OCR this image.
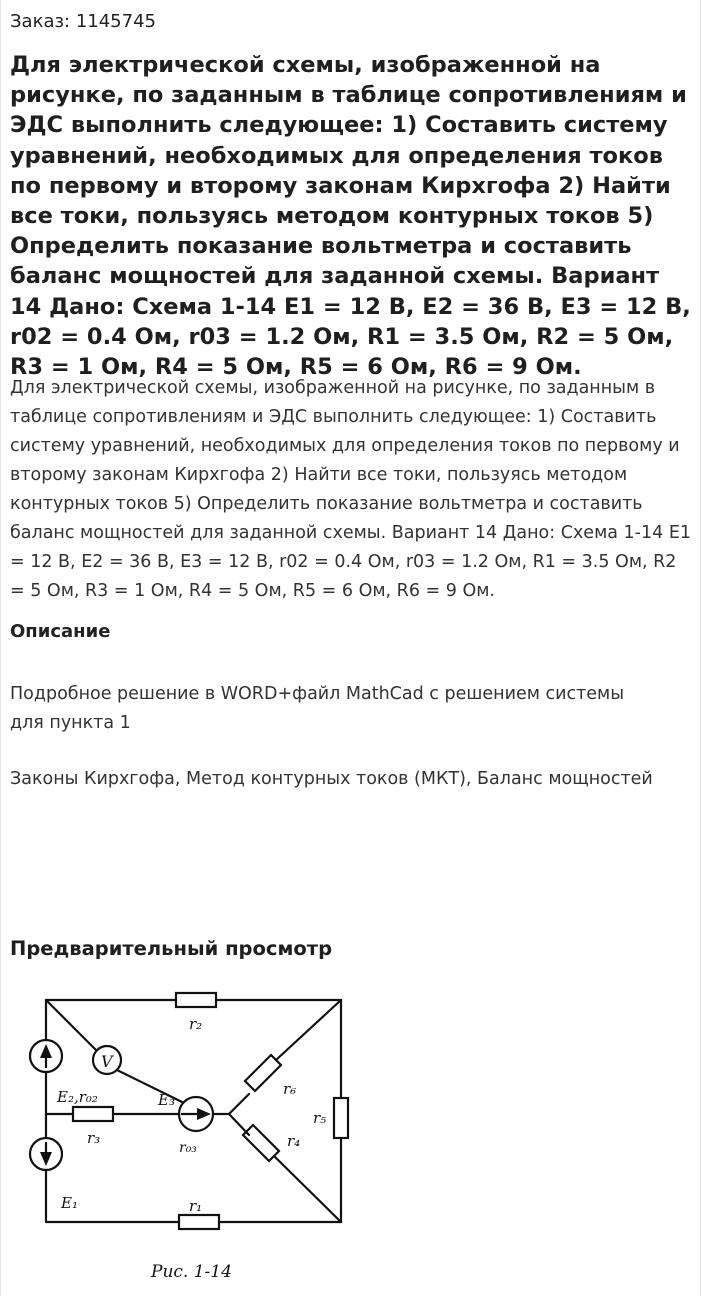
Заказ: 1145745
Для электрической схемы, изображенной на рисунке, по заданным в таблице сопротивлениям и ЭДС выполнить следующее: 1) Составить систему уравнений, необходимых для определения токов по первому и второму законам Кирхгофа 2) Найти все токи, пользуясь методом контурных токов 5) Определить показание вольтметра и составить баланс мощностей для заданной схемы. Вариант 14 Дано: Схема 1-14 E1 = 12 В, E2 = 36 В, E3 = 12 В, r02 = 0.4 Ом, r03 = 1.2 Ом, R1 = 3.5 Ом, R2 = 5 Ом, R3 = 1 Ом, R4 = 5 Ом, R5 = 6 Ом, R6 = 9 Ом.
Для электрической схемы, изображенной на рисунке, по заданным в таблице сопротивлениям и ЭДС выполнить следующее: 1) Составить систему уравнений, необходимых для определения токов по первому и второму законам Кирхгофа 2) Найти все токи, пользуясь методом контурных токов 5) Определить показание вольтметра и составить баланс мощностей для заданной схемы. Вариант 14 Дано: Схема 1-14 E1 = 12 В, E2 = 36 В, E3 = 12 В, r02 = 0.4 Ом, r03 = 1.2 Ом, R1 = 3.5 Ом, R2 = 5 Ом, R3 = 1 Ом, R4 = 5 Ом, R5 = 6 Ом, R6 = 9 Ом.
Описание
Подробное решение в WORD+файл MathCad с решением системы
для пункта 1
Законы Кирхгофа, Метод контурных токов (МКТ), Баланс мощностей
Предварительный просмотр
V
r₂
r₆
r₅
r₄
r₃
r₁
E₂,r₀₂	E₃
r₀₃
E₁
Рис. 1-14
